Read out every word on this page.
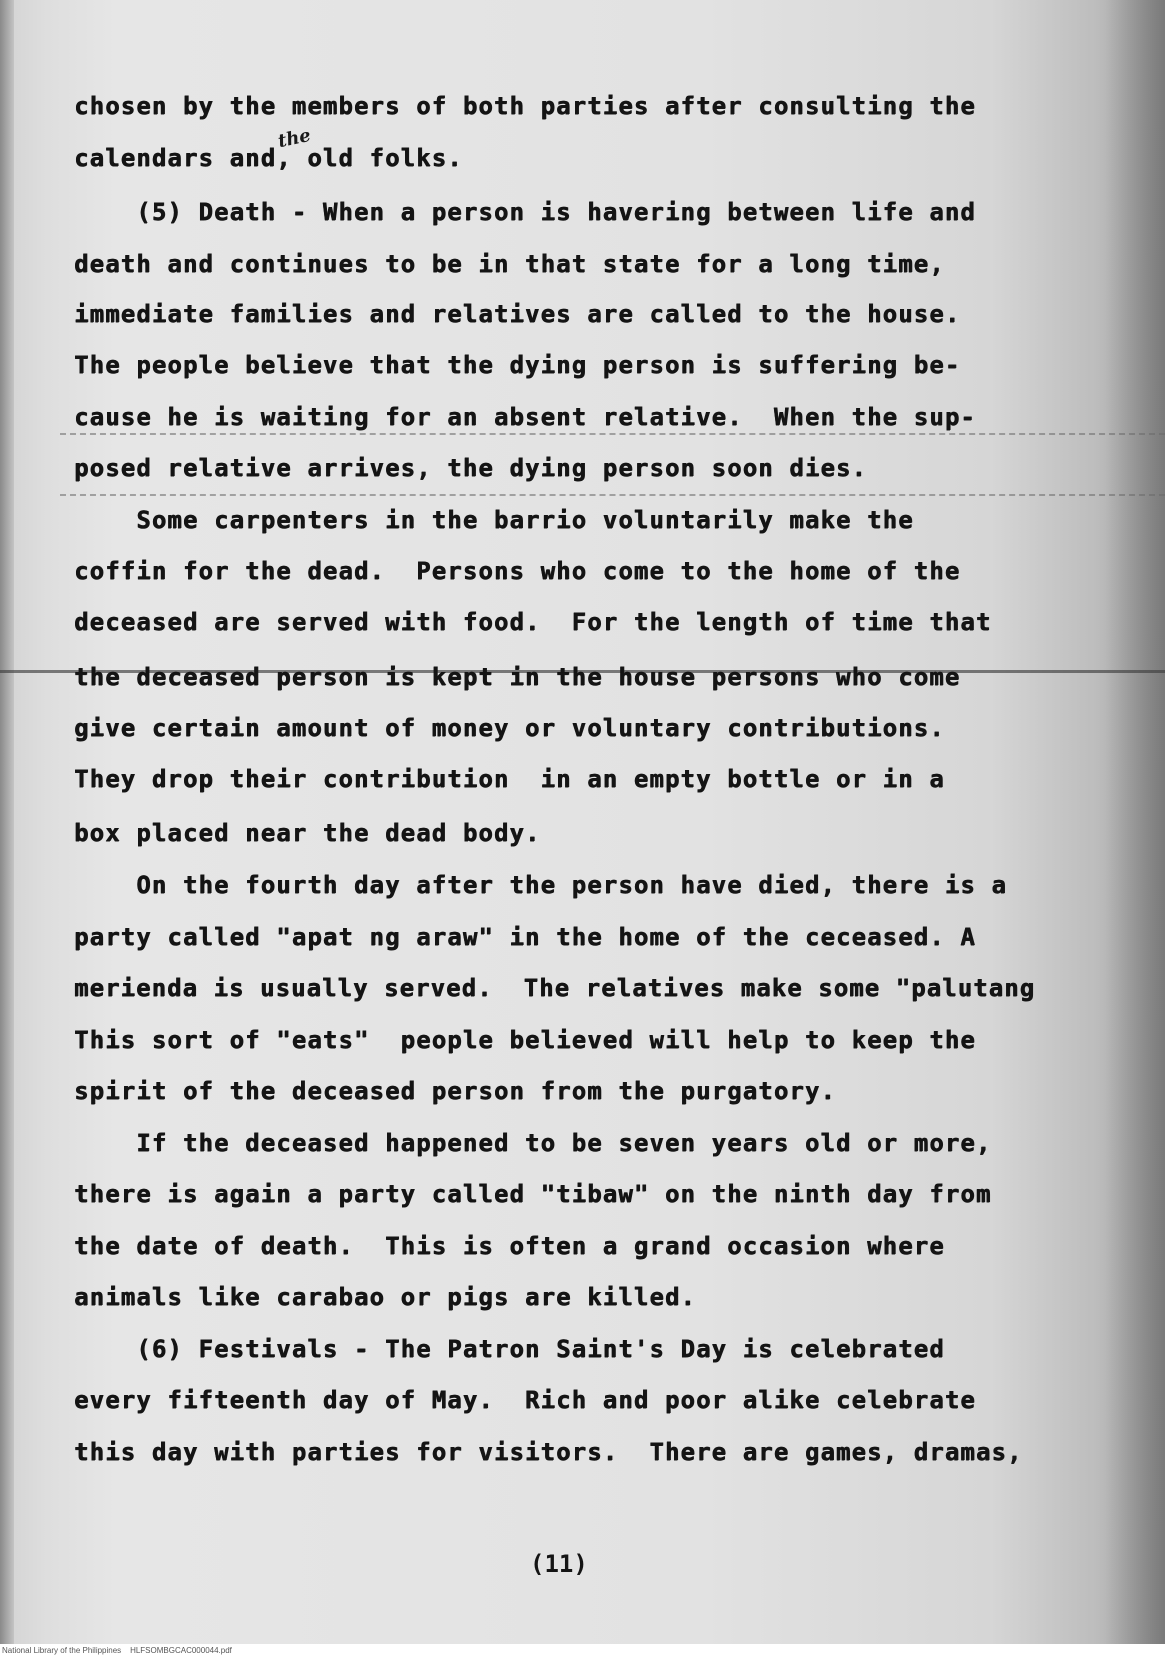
chosen by the members of both parties after consulting the
calendars and, old folks.
the
(5) Death - When a person is havering between life and
death and continues to be in that state for a long time,
immediate families and relatives are called to the house.
The people believe that the dying person is suffering be-
cause he is waiting for an absent relative.  When the sup-
posed relative arrives, the dying person soon dies.
Some carpenters in the barrio voluntarily make the
coffin for the dead.  Persons who come to the home of the
deceased are served with food.  For the length of time that
the deceased person is kept in the house persons who come
give certain amount of money or voluntary contributions.
They drop their contribution  in an empty bottle or in a
box placed near the dead body.
On the fourth day after the person have died, there is a
party called "apat ng araw" in the home of the ceceased. A
merienda is usually served.  The relatives make some "palutang
This sort of "eats"  people believed will help to keep the
spirit of the deceased person from the purgatory.
If the deceased happened to be seven years old or more,
there is again a party called "tibaw" on the ninth day from
the date of death.  This is often a grand occasion where
animals like carabao or pigs are killed.
(6) Festivals - The Patron Saint's Day is celebrated
every fifteenth day of May.  Rich and poor alike celebrate
this day with parties for visitors.  There are games, dramas,
(11)
National Library of the Philippines    HLFSOMBGCAC000044.pdf
